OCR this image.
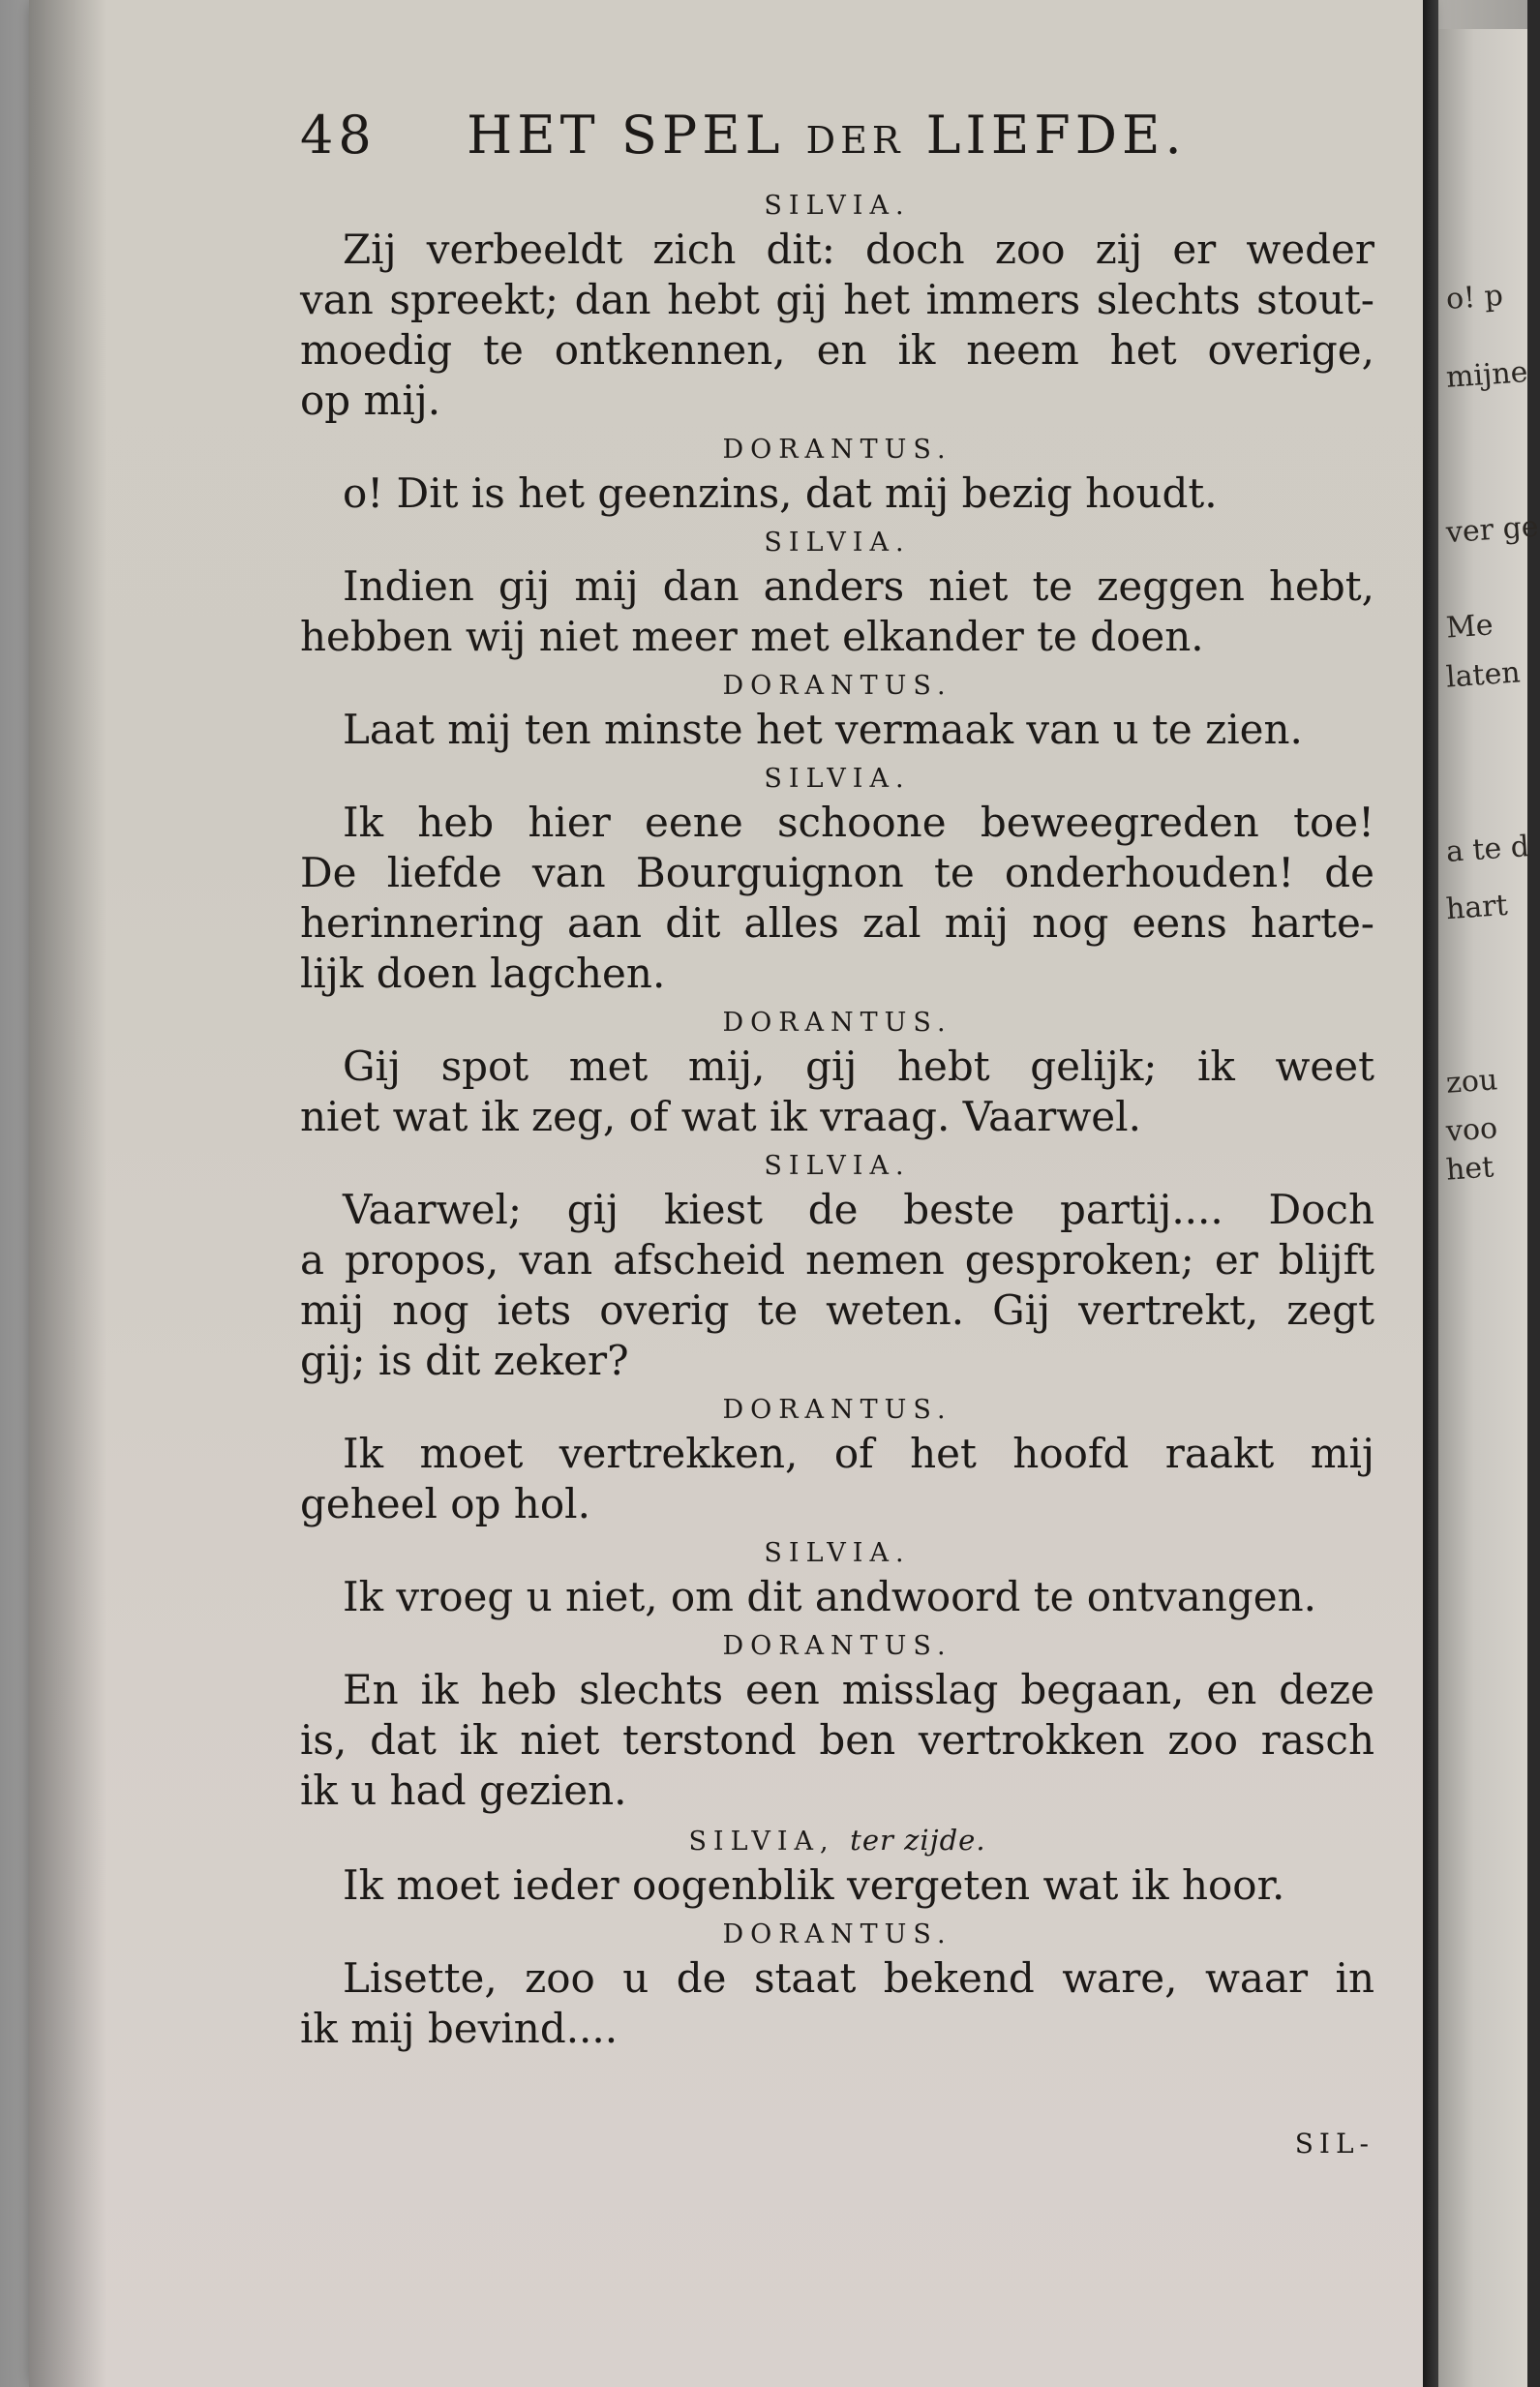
48 HET SPEL DER LIEFDE.
SILVIA.
Zij verbeeldt zich dit: doch zoo zij er weder
van spreekt; dan hebt gij het immers slechts stout-
moedig te ontkennen, en ik neem het overige,
op mij.
DORANTUS.
o! Dit is het geenzins, dat mij bezig houdt.
SILVIA.
Indien gij mij dan anders niet te zeggen hebt,
hebben wij niet meer met elkander te doen.
DORANTUS.
Laat mij ten minste het vermaak van u te zien.
SILVIA.
Ik heb hier eene schoone beweegreden toe!
De liefde van Bourguignon te onderhouden! de
herinnering aan dit alles zal mij nog eens harte-
lijk doen lagchen.
DORANTUS.
Gij spot met mij, gij hebt gelijk; ik weet
niet wat ik zeg, of wat ik vraag. Vaarwel.
SILVIA.
Vaarwel; gij kiest de beste partij.... Doch
a propos, van afscheid nemen gesproken; er blijft
mij nog iets overig te weten. Gij vertrekt, zegt
gij; is dit zeker?
DORANTUS.
Ik moet vertrekken, of het hoofd raakt mij
geheel op hol.
SILVIA.
Ik vroeg u niet, om dit andwoord te ontvangen.
DORANTUS.
En ik heb slechts een misslag begaan, en deze
is, dat ik niet terstond ben vertrokken zoo rasch
ik u had gezien.
SILVIA, ter zijde.
Ik moet ieder oogenblik vergeten wat ik hoor.
DORANTUS.
Lisette, zoo u de staat bekend ware, waar in
ik mij bevind....
SIL-
o! p
mijne
ver ge
Me
laten
a te d
hart
zou
voo
het
